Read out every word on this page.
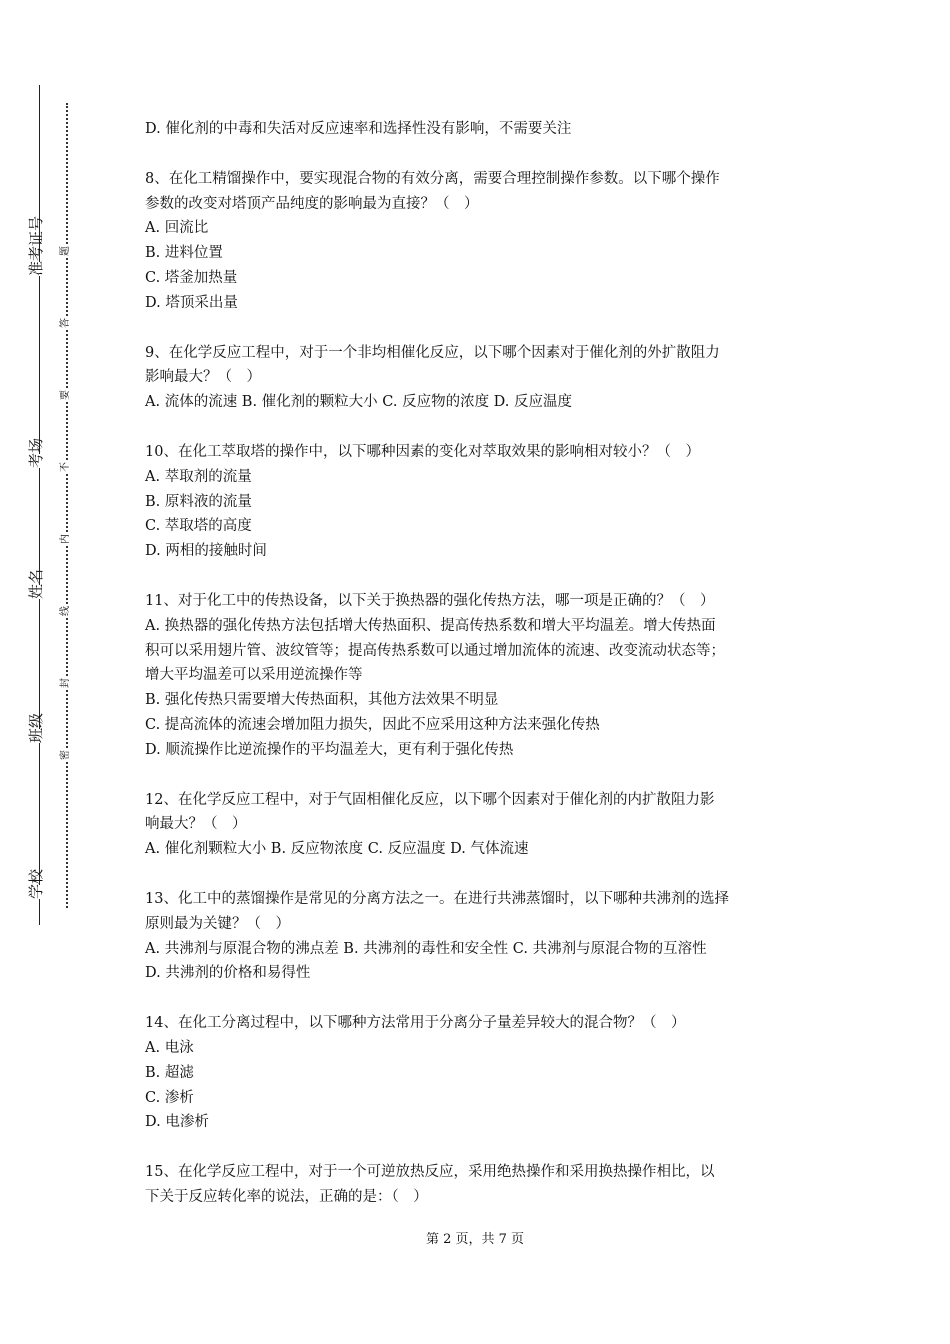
准考证号
考场
姓名
班级
学校
题
答
要
不
内
线
封
密
D. 催化剂的中毒和失活对反应速率和选择性没有影响，不需要关注
8、在化工精馏操作中，要实现混合物的有效分离，需要合理控制操作参数。以下哪个操作
参数的改变对塔顶产品纯度的影响最为直接？（　）
A. 回流比
B. 进料位置
C. 塔釜加热量
D. 塔顶采出量
9、在化学反应工程中，对于一个非均相催化反应，以下哪个因素对于催化剂的外扩散阻力
影响最大？（　）
A. 流体的流速 B. 催化剂的颗粒大小 C. 反应物的浓度 D. 反应温度
10、在化工萃取塔的操作中，以下哪种因素的变化对萃取效果的影响相对较小？（　）
A. 萃取剂的流量
B. 原料液的流量
C. 萃取塔的高度
D. 两相的接触时间
11、对于化工中的传热设备，以下关于换热器的强化传热方法，哪一项是正确的？（　）
A. 换热器的强化传热方法包括增大传热面积、提高传热系数和增大平均温差。增大传热面
积可以采用翅片管、波纹管等；提高传热系数可以通过增加流体的流速、改变流动状态等；
增大平均温差可以采用逆流操作等
B. 强化传热只需要增大传热面积，其他方法效果不明显
C. 提高流体的流速会增加阻力损失，因此不应采用这种方法来强化传热
D. 顺流操作比逆流操作的平均温差大，更有利于强化传热
12、在化学反应工程中，对于气固相催化反应，以下哪个因素对于催化剂的内扩散阻力影
响最大？（　）
A. 催化剂颗粒大小 B. 反应物浓度 C. 反应温度 D. 气体流速
13、化工中的蒸馏操作是常见的分离方法之一。在进行共沸蒸馏时，以下哪种共沸剂的选择
原则最为关键？（　）
A. 共沸剂与原混合物的沸点差 B. 共沸剂的毒性和安全性 C. 共沸剂与原混合物的互溶性
D. 共沸剂的价格和易得性
14、在化工分离过程中，以下哪种方法常用于分离分子量差异较大的混合物？（　）
A. 电泳
B. 超滤
C. 渗析
D. 电渗析
15、在化学反应工程中，对于一个可逆放热反应，采用绝热操作和采用换热操作相比，以
下关于反应转化率的说法，正确的是：（　）
第 2 页，共 7 页
